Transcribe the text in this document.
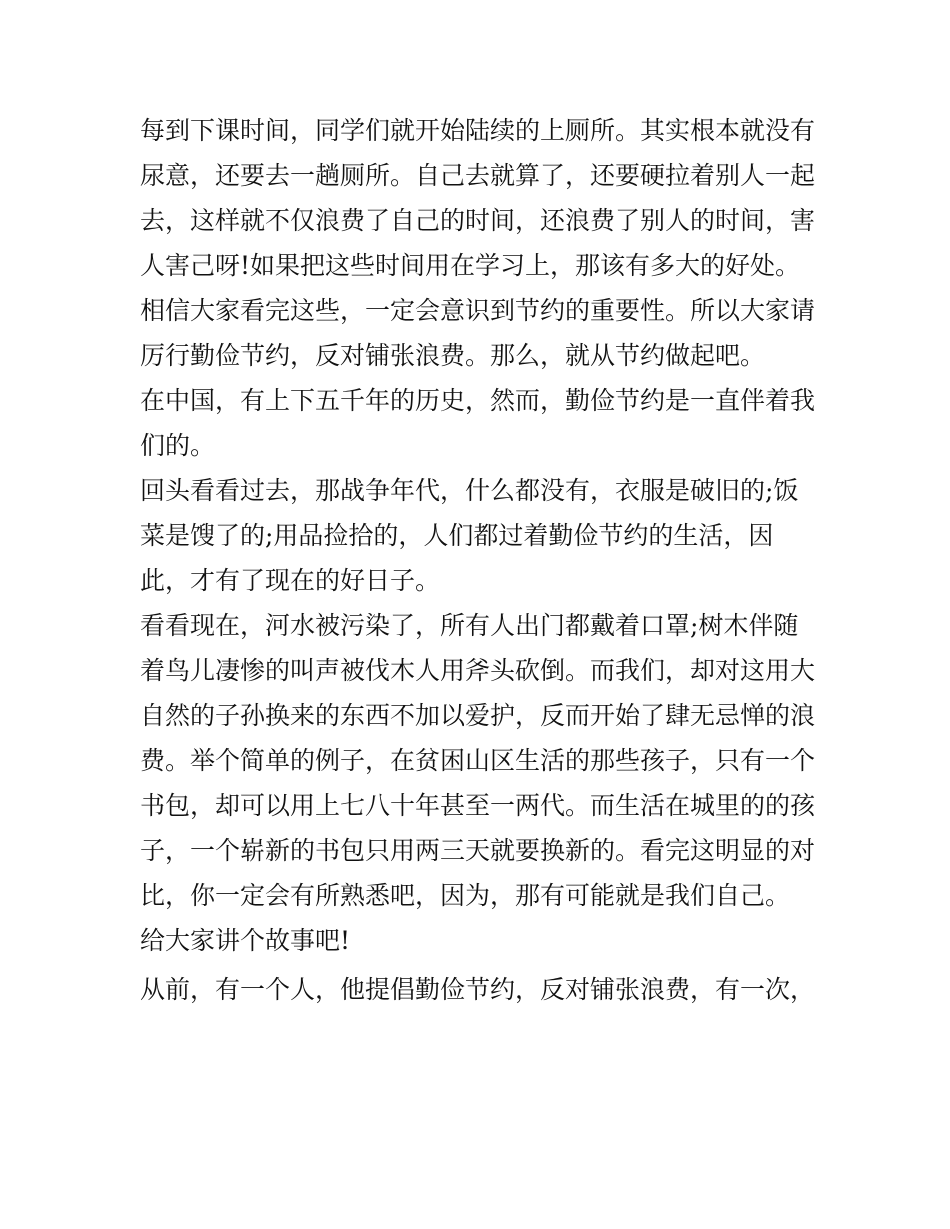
每到下课时间，同学们就开始陆续的上厕所。其实根本就没有

尿意，还要去一趟厕所。自己去就算了，还要硬拉着别人一起

去，这样就不仅浪费了自己的时间，还浪费了别人的时间，害

人害己呀!如果把这些时间用在学习上，那该有多大的好处。

相信大家看完这些，一定会意识到节约的重要性。所以大家请

厉行勤俭节约，反对铺张浪费。那么，就从节约做起吧。

在中国，有上下五千年的历史，然而，勤俭节约是一直伴着我

们的。

回头看看过去，那战争年代，什么都没有，衣服是破旧的;饭

菜是馊了的;用品捡拾的，人们都过着勤俭节约的生活，因

此，才有了现在的好日子。

看看现在，河水被污染了，所有人出门都戴着口罩;树木伴随

着鸟儿凄惨的叫声被伐木人用斧头砍倒。而我们，却对这用大

自然的子孙换来的东西不加以爱护，反而开始了肆无忌惮的浪

费。举个简单的例子，在贫困山区生活的那些孩子，只有一个

书包，却可以用上七八十年甚至一两代。而生活在城里的的孩

子，一个崭新的书包只用两三天就要换新的。看完这明显的对

比，你一定会有所熟悉吧，因为，那有可能就是我们自己。

给大家讲个故事吧!

从前，有一个人，他提倡勤俭节约，反对铺张浪费，有一次，
